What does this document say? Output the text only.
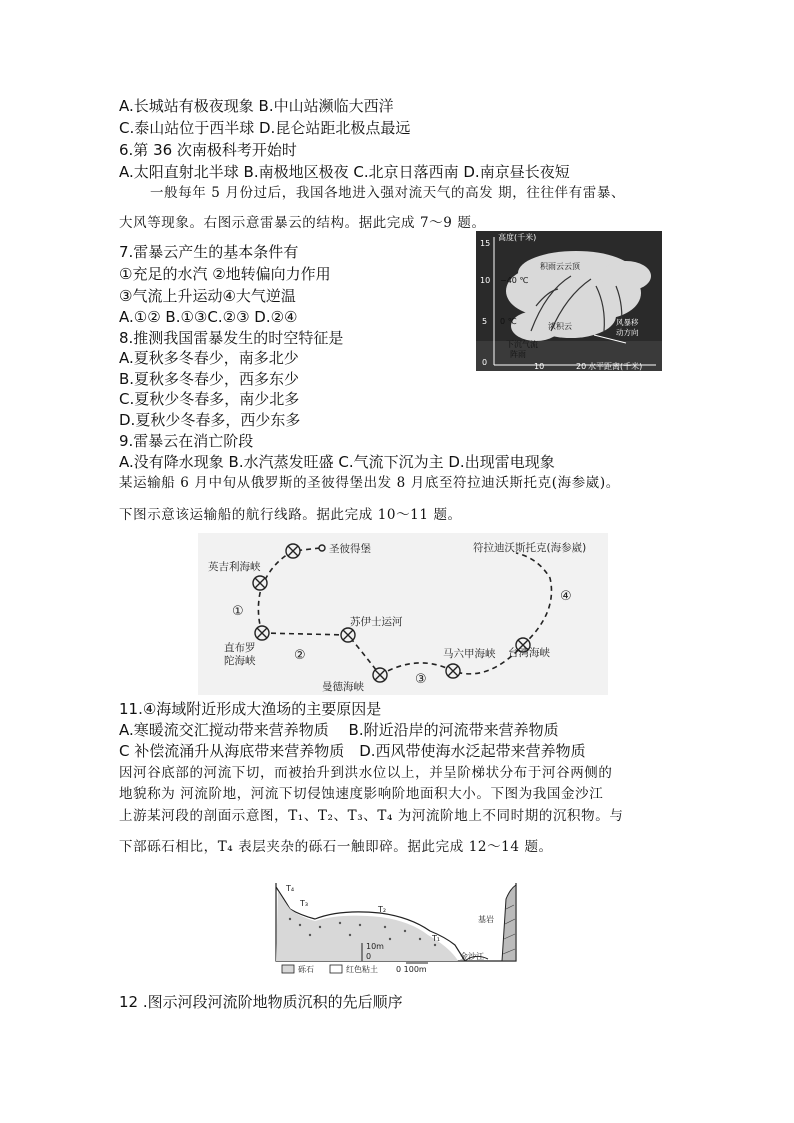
A.长城站有极夜现象 B.中山站濒临大西洋
C.泰山站位于西半球 D.昆仑站距北极点最远
6.第 36 次南极科考开始时
A.太阳直射北半球 B.南极地区极夜 C.北京日落西南 D.南京昼长夜短
一般每年 5 月份过后，我国各地进入强对流天气的高发 期，往往伴有雷暴、
大风等现象。右图示意雷暴云的结构。据此完成 7～9 题。
7.雷暴云产生的基本条件有
①充足的水汽 ②地转偏向力作用
③气流上升运动④大气逆温
A.①② B.①③C.②③ D.②④
8.推测我国雷暴发生的时空特征是
A.夏秋多冬春少，南多北少
B.夏秋多冬春少，西多东少
C.夏秋少冬春多，南少北多
D.夏秋少冬春多，西少东多
9.雷暴云在消亡阶段
A.没有降水现象 B.水汽蒸发旺盛 C.气流下沉为主 D.出现雷电现象
某运输船 6 月中旬从俄罗斯的圣彼得堡出发 8 月底至符拉迪沃斯托克(海参崴)。
下图示意该运输船的航行线路。据此完成 10～11 题。
11.④海域附近形成大渔场的主要原因是
A.寒暖流交汇搅动带来营养物质　 B.附近沿岸的河流带来营养物质
C 补偿流涌升从海底带来营养物质　D.西风带使海水泛起带来营养物质
因河谷底部的河流下切，而被抬升到洪水位以上，并呈阶梯状分布于河谷两侧的
地貌称为 河流阶地，河流下切侵蚀速度影响阶地面积大小。下图为我国金沙江
上游某河段的剖面示意图，T₁、T₂、T₃、T₄ 为河流阶地上不同时期的沉积物。与
下部砾石相比，T₄ 表层夹杂的砾石一触即碎。据此完成 12～14 题。
12 .图示河段河流阶地物质沉积的先后顺序
高度(千米)
15
10
5
0	10	20 水平距离(千米)
−40 ℃
积雨云云顶
0 ℃
浓积云
下沉气流
阵雨
风暴移
动方向
圣彼得堡	符拉迪沃斯托克(海参崴)
英吉利海峡
直布罗
陀海峡
苏伊士运河
曼德海峡
马六甲海峡 台湾海峡
①
②
③
④
T₄
T₃
T₂
T₁
基岩
金沙江
砾石	红色粘土
10m
0
0 100m
